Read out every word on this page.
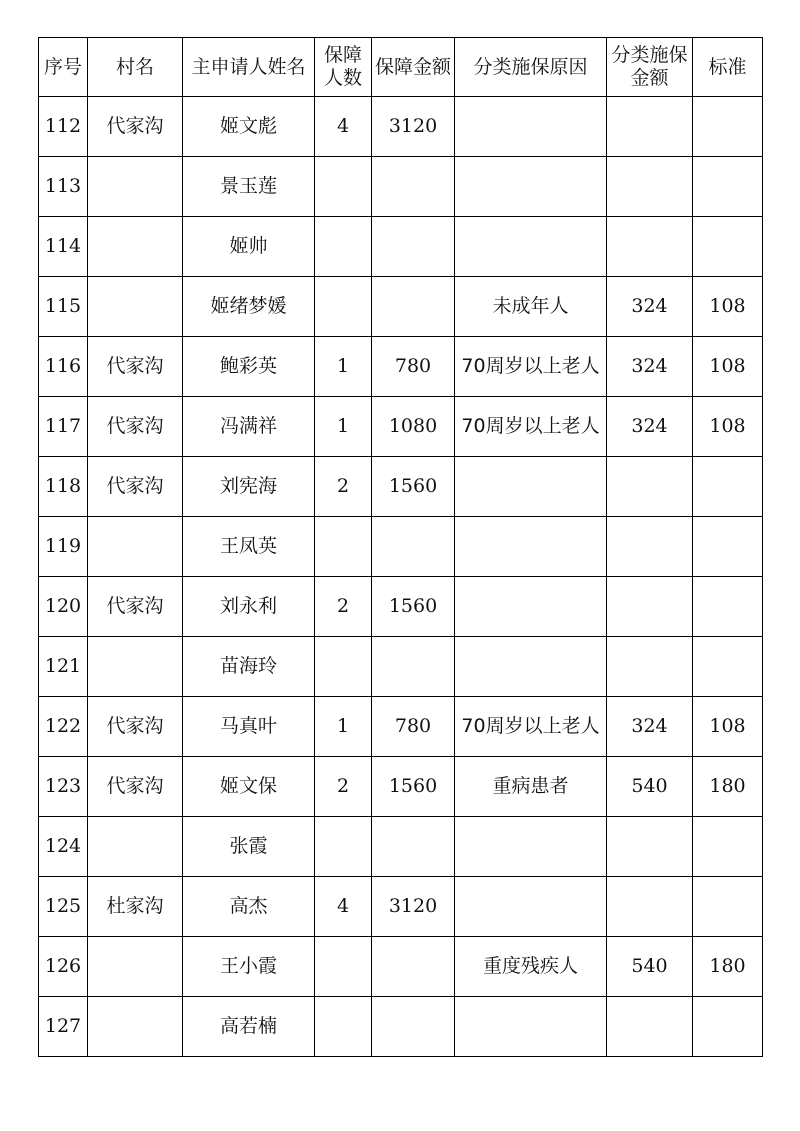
序号	村名	主申请人姓名	保障人数	保障金额	分类施保原因	分类施保金额	标准
112	代家沟	姬文彪	4	3120			
113		景玉莲					
114		姬帅					
115		姬绪梦媛			未成年人	324	108
116	代家沟	鲍彩英	1	780	70周岁以上老人	324	108
117	代家沟	冯满祥	1	1080	70周岁以上老人	324	108
118	代家沟	刘宪海	2	1560			
119		王凤英					
120	代家沟	刘永利	2	1560			
121		苗海玲					
122	代家沟	马真叶	1	780	70周岁以上老人	324	108
123	代家沟	姬文保	2	1560	重病患者	540	180
124		张霞					
125	杜家沟	高杰	4	3120			
126		王小霞			重度残疾人	540	180
127		高若楠					
